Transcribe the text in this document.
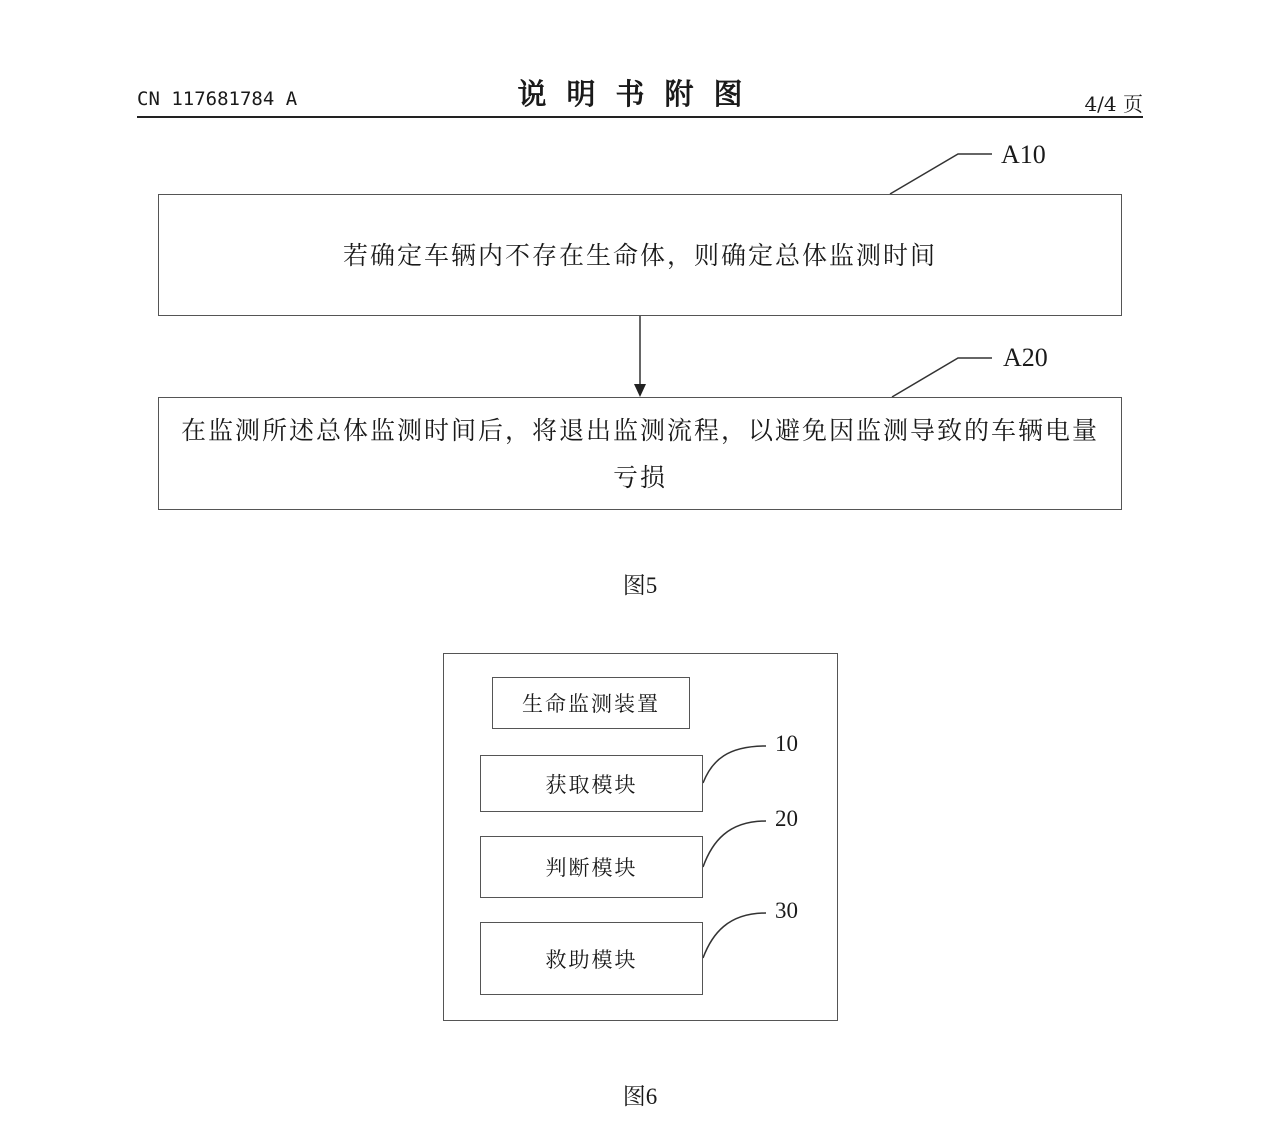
CN 117681784 A	说明书附图	4/4 页
A10
若确定车辆内不存在生命体，则确定总体监测时间
A20
在监测所述总体监测时间后，将退出监测流程，以避免因监测导致的车辆电量亏损
图5
生命监测装置
获取模块
10
判断模块
20
救助模块
30
图6
